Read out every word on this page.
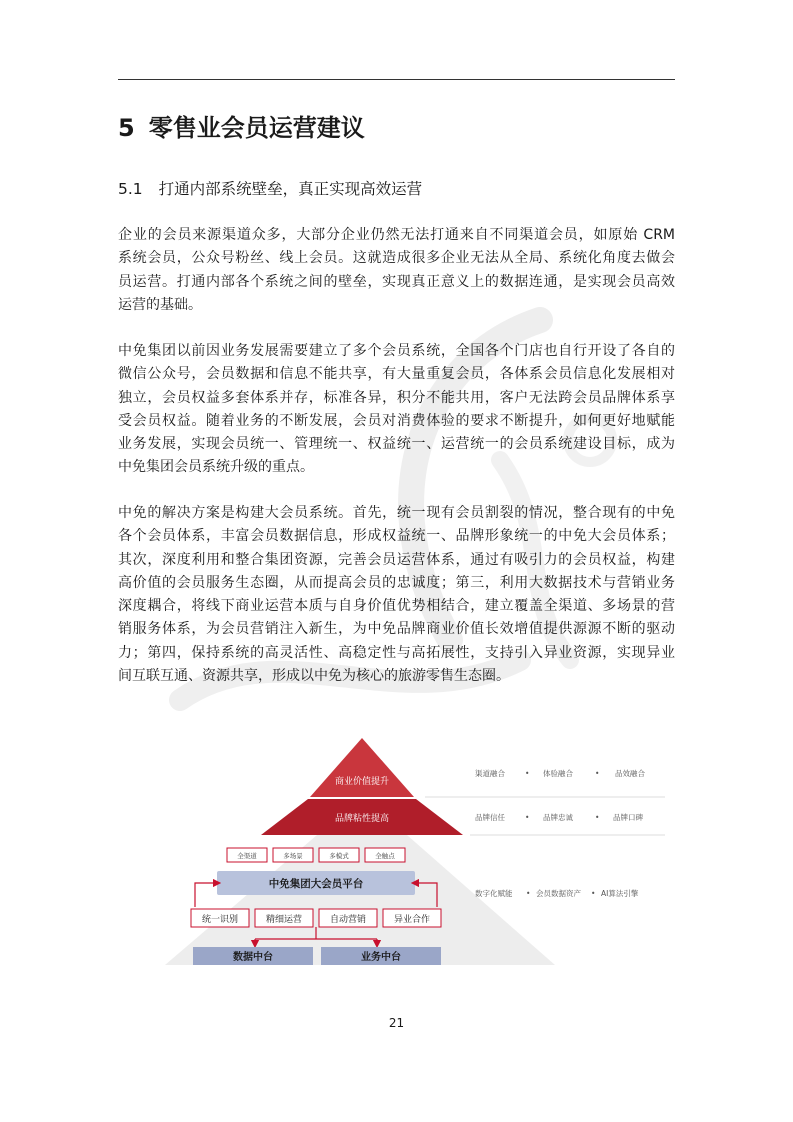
5 零售业会员运营建议
5.1 打通内部系统壁垒，真正实现高效运营

企业的会员来源渠道众多，大部分企业仍然无法打通来自不同渠道会员，如原始 CRM
系统会员，公众号粉丝、线上会员。这就造成很多企业无法从全局、系统化角度去做会
员运营。打通内部各个系统之间的壁垒，实现真正意义上的数据连通，是实现会员高效
运营的基础。

中免集团以前因业务发展需要建立了多个会员系统，全国各个门店也自行开设了各自的
微信公众号，会员数据和信息不能共享，有大量重复会员，各体系会员信息化发展相对
独立，会员权益多套体系并存，标准各异，积分不能共用，客户无法跨会员品牌体系享
受会员权益。随着业务的不断发展，会员对消费体验的要求不断提升，如何更好地赋能
业务发展，实现会员统一、管理统一、权益统一、运营统一的会员系统建设目标，成为
中免集团会员系统升级的重点。

中免的解决方案是构建大会员系统。首先，统一现有会员割裂的情况，整合现有的中免
各个会员体系，丰富会员数据信息，形成权益统一、品牌形象统一的中免大会员体系；
其次，深度利用和整合集团资源，完善会员运营体系，通过有吸引力的会员权益，构建
高价值的会员服务生态圈，从而提高会员的忠诚度；第三，利用大数据技术与营销业务
深度耦合，将线下商业运营本质与自身价值优势相结合，建立覆盖全渠道、多场景的营
销服务体系，为会员营销注入新生，为中免品牌商业价值长效增值提供源源不断的驱动
力；第四，保持系统的高灵活性、高稳定性与高拓展性，支持引入异业资源，实现异业
间互联互通、资源共享，形成以中免为核心的旅游零售生态圈。

商业价值提升
品牌粘性提高
全渠道	多场景	多模式	全触点
中免集团大会员平台
统一识别	精细运营	自动营销	异业合作
数据中台	业务中台
渠道融合	• 体验融合	• 品效融合
品牌信任	• 品牌忠诚	• 品牌口碑
数字化赋能 • 会员数据资产 • AI算法引擎
21
